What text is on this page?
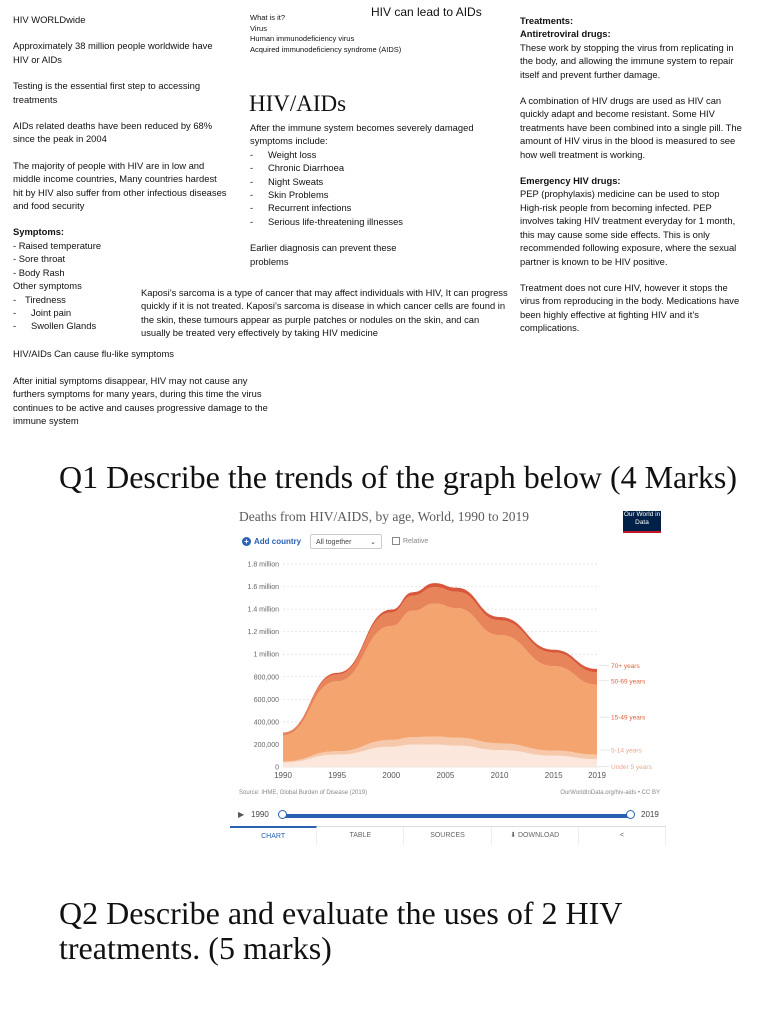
HIV WORLDwide

Approximately 38 million people worldwide have HIV or AIDs

Testing is the essential first step to accessing treatments

AIDs related deaths have been reduced by 68% since the peak in 2004

The majority of people with HIV are in low and middle income countries, Many countries hardest hit by HIV also suffer from other infectious diseases and food security

Symptoms:

- Raised temperature

- Sore throat

- Body Rash

Other symptoms

- Tiredness
-	Joint pain
-	Swollen Glands

HIV/AIDs Can cause flu-like symptoms

After initial symptoms disappear, HIV may not cause any furthers symptoms for many years, during this time the virus continues to be active and causes progressive damage to the immune system

HIV can lead to AIDs

What is it?

Virus

Human immunodeficiency virus

Acquired immunodeficiency syndrome (AIDS)

HIV/AIDs

After the immune system becomes severely damaged symptoms include:

-	Weight loss
-	Chronic Diarrhoea
-	Night Sweats
-	Skin Problems
-	Recurrent infections
-	Serious life-threatening illnesses

Earlier diagnosis can prevent these problems

Kaposi’s sarcoma is a type of cancer that may affect individuals with HIV, It can progress quickly if it is not treated. Kaposi’s sarcoma is disease in which cancer cells are found in the skin, these tumours appear as purple patches or nodules on the skin, and can usually be treated very effectively by taking HIV medicine

Treatments:

Antiretroviral drugs:

These work by stopping the virus from replicating in the body, and allowing the immune system to repair itself and prevent further damage.

A combination of HIV drugs are used as HIV can quickly adapt and become resistant. Some HIV treatments have been combined into a single pill. The amount of HIV virus in the blood is measured to see how well treatment is working.

Emergency HIV drugs:

PEP (prophylaxis) medicine can be used to stop High-risk people from becoming infected. PEP involves taking HIV treatment everyday for 1 month, this may cause some side effects. This is only recommended following exposure, where the sexual partner is known to be HIV positive.

Treatment does not cure HIV, however it stops the virus from reproducing in the body. Medications have been highly effective at fighting HIV and it’s complications.

Q1 Describe the trends of the graph below (4 Marks)
Q2 Describe and evaluate the uses of 2 HIV treatments. (5 marks)
Deaths from HIV/AIDS, by age, World, 1990 to 2019	Our World in Data
+ Add country	All together	⌄	Relative
0
200,000
400,000
600,000
800,000
1 million
1.2 million
1.4 million
1.6 million
1.8 million
1990	1995	2000	2005	2010	2015	2019
Under 5 years
5-14 years
15-49 years
50-69 years
70+ years
Source: IHME, Global Burden of Disease (2019)	OurWorldInData.org/hiv-aids • CC BY
▶ 1990	2019
CHART	TABLE	SOURCES	⬇ DOWNLOAD	<
